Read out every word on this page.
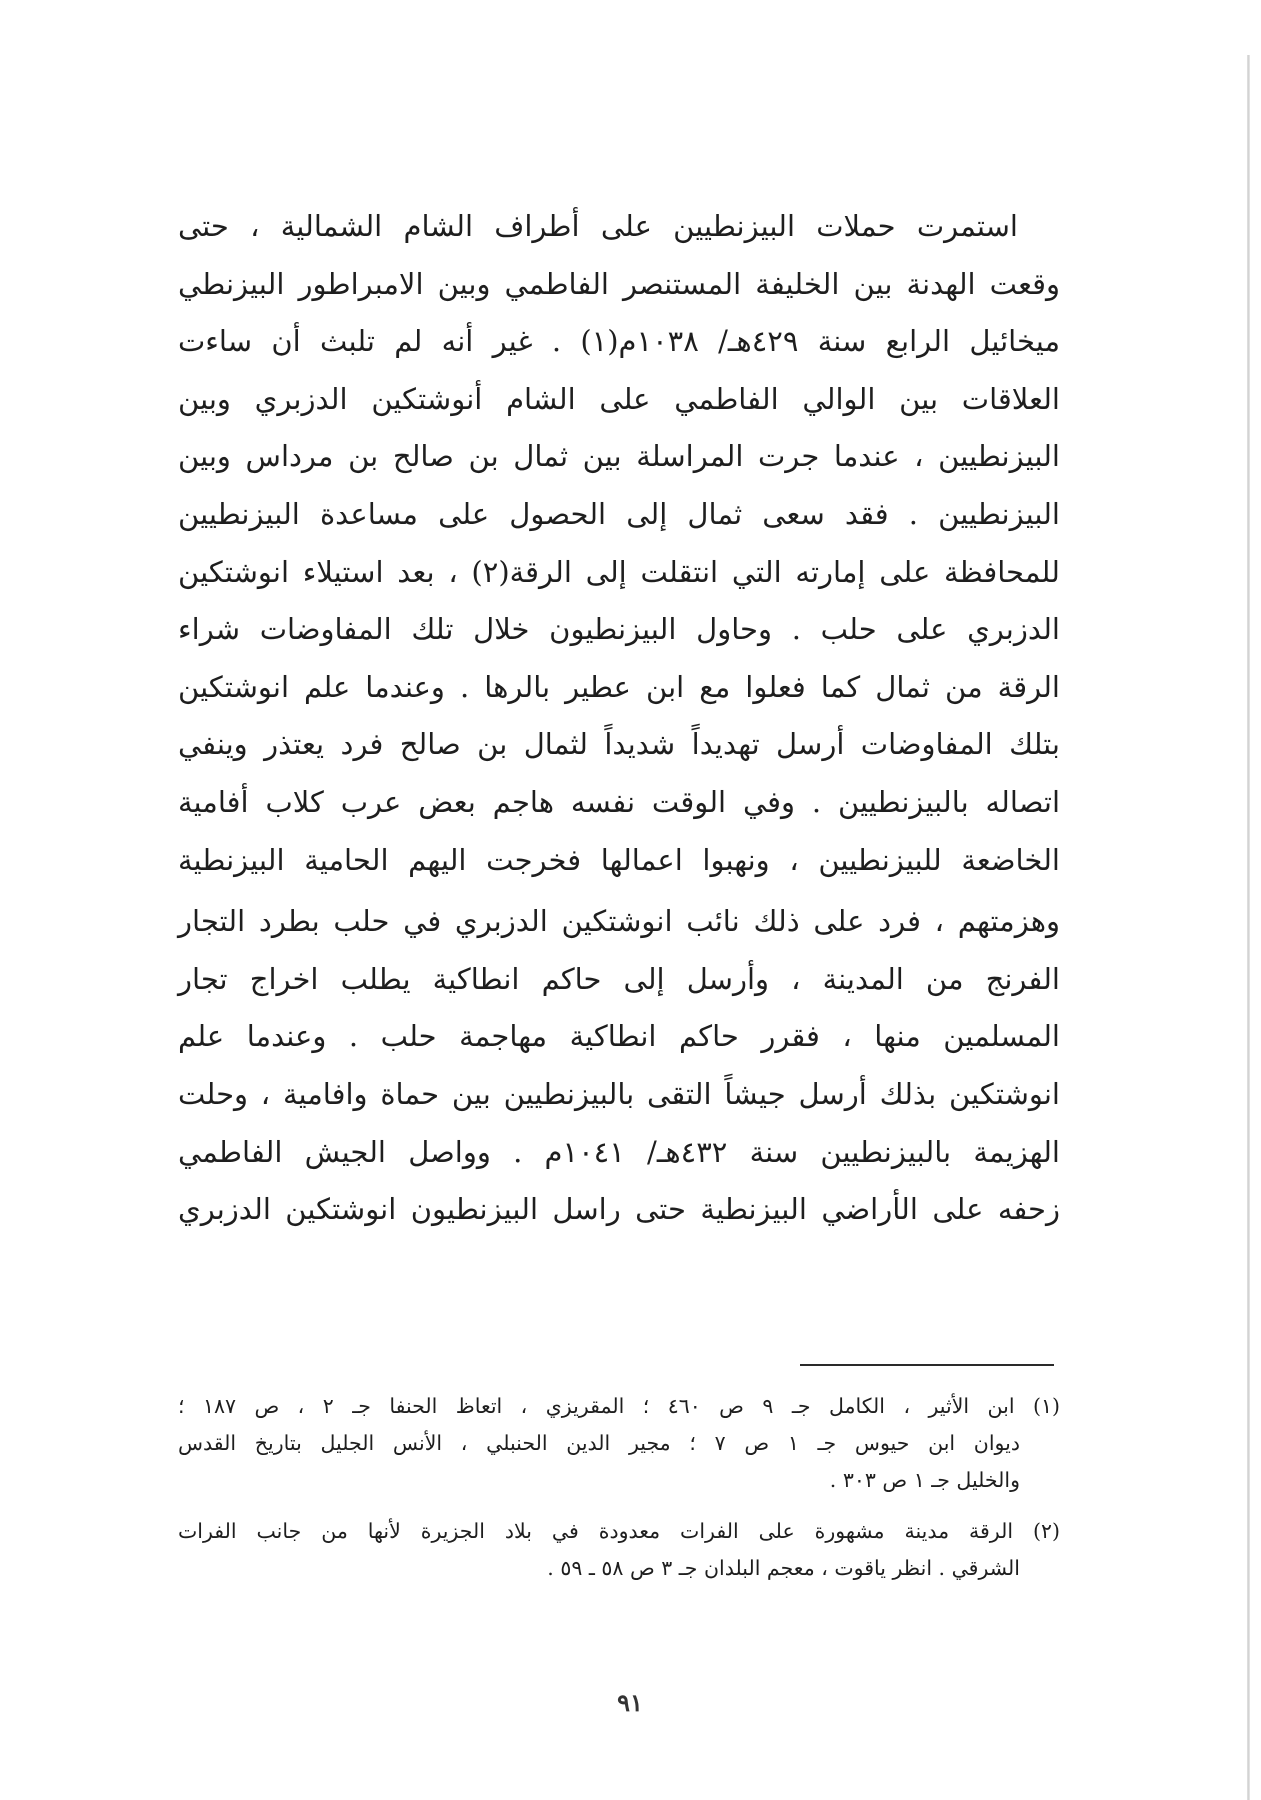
استمرت حملات البيزنطيين على أطراف الشام الشمالية ، حتى
وقعت الهدنة بين الخليفة المستنصر الفاطمي وبين الامبراطور البيزنطي
ميخائيل الرابع سنة ٤٢٩هـ/ ١٠٣٨م(١) . غير أنه لم تلبث أن ساءت
العلاقات بين الوالي الفاطمي على الشام أنوشتكين الدزبري وبين
البيزنطيين ، عندما جرت المراسلة بين ثمال بن صالح بن مرداس وبين
البيزنطيين . فقد سعى ثمال إلى الحصول على مساعدة البيزنطيين
للمحافظة على إمارته التي انتقلت إلى الرقة(٢) ، بعد استيلاء انوشتكين
الدزبري على حلب . وحاول البيزنطيون خلال تلك المفاوضات شراء
الرقة من ثمال كما فعلوا مع ابن عطير بالرها . وعندما علم انوشتكين
بتلك المفاوضات أرسل تهديداً شديداً لثمال بن صالح فرد يعتذر وينفي
اتصاله بالبيزنطيين . وفي الوقت نفسه هاجم بعض عرب كلاب أفامية
الخاضعة للبيزنطيين ، ونهبوا اعمالها فخرجت اليهم الحامية البيزنطية
وهزمتهم ، فرد على ذلك نائب انوشتكين الدزبري في حلب بطرد التجار
الفرنج من المدينة ، وأرسل إلى حاكم انطاكية يطلب اخراج تجار
المسلمين منها ، فقرر حاكم انطاكية مهاجمة حلب . وعندما علم
انوشتكين بذلك أرسل جيشاً التقى بالبيزنطيين بين حماة وافامية ، وحلت
الهزيمة بالبيزنطيين سنة ٤٣٢هـ/ ١٠٤١م . وواصل الجيش الفاطمي
زحفه على الأراضي البيزنطية حتى راسل البيزنطيون انوشتكين الدزبري
(١) ابن الأثير ، الكامل جـ ٩ ص ٤٦٠ ؛ المقريزي ، اتعاظ الحنفا جـ ٢ ، ص ١٨٧ ؛
ديوان ابن حيوس جـ ١ ص ٧ ؛ مجير الدين الحنبلي ، الأنس الجليل بتاريخ القدس
والخليل جـ ١ ص ٣٠٣ .
(٢) الرقة مدينة مشهورة على الفرات معدودة في بلاد الجزيرة لأنها من جانب الفرات
الشرقي . انظر ياقوت ، معجم البلدان جـ ٣ ص ٥٨ ـ ٥٩ .
٩١
